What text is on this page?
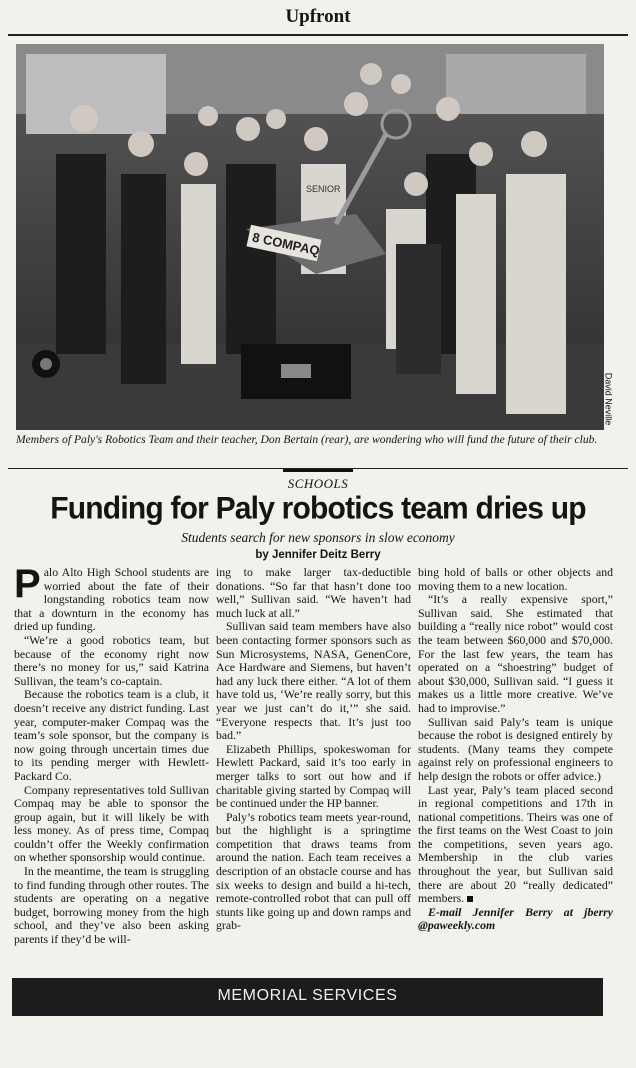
Upfront
8 COMPAQ
SENIOR
David Neville
Members of Paly's Robotics Team and their teacher, Don Bertain (rear), are wondering who will fund the future of their club.
SCHOOLS
Funding for Paly robotics team dries up
Students search for new sponsors in slow economy
by Jennifer Deitz Berry

Palo Alto High School students are worried about the fate of their longstanding robotics team now that a downturn in the economy has dried up funding.

“We’re a good robotics team, but because of the economy right now there’s no money for us,” said Katrina Sullivan, the team’s co-captain.

Because the robotics team is a club, it doesn’t receive any district funding. Last year, computer-maker Compaq was the team’s sole sponsor, but the company is now going through uncertain times due to its pending merger with Hewlett-Packard Co.

Company representatives told Sullivan Compaq may be able to sponsor the group again, but it will likely be with less money. As of press time, Compaq couldn’t offer the Weekly confirmation on whether sponsorship would continue.

In the meantime, the team is struggling to find funding through other routes. The students are operating on a negative budget, borrowing money from the high school, and they’ve also been asking parents if they’d be will-

ing to make larger tax-deductible donations. “So far that hasn’t done too well,” Sullivan said. “We haven’t had much luck at all.”

Sullivan said team members have also been contacting former sponsors such as Sun Microsystems, NASA, GenenCore, Ace Hardware and Siemens, but haven’t had any luck there either. “A lot of them have told us, ‘We’re really sorry, but this year we just can’t do it,’” she said. “Everyone respects that. It’s just too bad.”

Elizabeth Phillips, spokeswoman for Hewlett Packard, said it’s too early in merger talks to sort out how and if charitable giving started by Compaq will be continued under the HP banner.

Paly’s robotics team meets year-round, but the highlight is a springtime competition that draws teams from around the nation. Each team receives a description of an obstacle course and has six weeks to design and build a hi-tech, remote-controlled robot that can pull off stunts like going up and down ramps and grab-

bing hold of balls or other objects and moving them to a new location.

“It’s a really expensive sport,” Sullivan said. She estimated that building a “really nice robot” would cost the team between $60,000 and $70,000. For the last few years, the team has operated on a “shoestring” budget of about $30,000, Sullivan said. “I guess it makes us a little more creative. We’ve had to improvise.”

Sullivan said Paly’s team is unique because the robot is designed entirely by students. (Many teams they compete against rely on professional engineers to help design the robots or offer advice.)

Last year, Paly’s team placed second in regional competitions and 17th in national competitions. Theirs was one of the first teams on the West Coast to join the competitions, seven years ago. Membership in the club varies throughout the year, but Sullivan said there are about 20 “really dedicated” members.

E-mail Jennifer Berry at jberry @paweekly.com

MEMORIAL SERVICES
